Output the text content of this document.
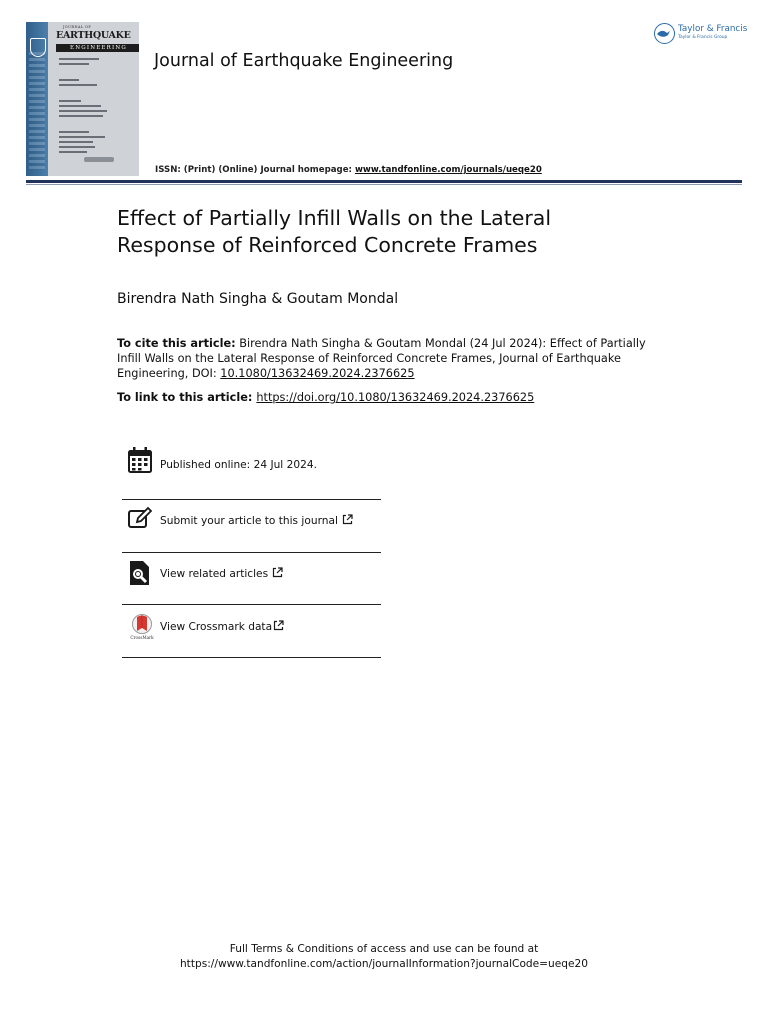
JOURNAL OF
EARTHQUAKE
ENGINEERING
Journal of Earthquake Engineering
ISSN: (Print) (Online) Journal homepage: www.tandfonline.com/journals/ueqe20
Taylor & Francis
Taylor & Francis Group
Effect of Partially Infill Walls on the Lateral Response of Reinforced Concrete Frames
Birendra Nath Singha & Goutam Mondal
To cite this article: Birendra Nath Singha & Goutam Mondal (24 Jul 2024): Effect of Partially Infill Walls on the Lateral Response of Reinforced Concrete Frames, Journal of Earthquake Engineering, DOI: 10.1080/13632469.2024.2376625
To link to this article: https://doi.org/10.1080/13632469.2024.2376625
Published online: 24 Jul 2024.
Submit your article to this journal
View related articles
CrossMark
View Crossmark data
Full Terms & Conditions of access and use can be found at
https://www.tandfonline.com/action/journalInformation?journalCode=ueqe20
